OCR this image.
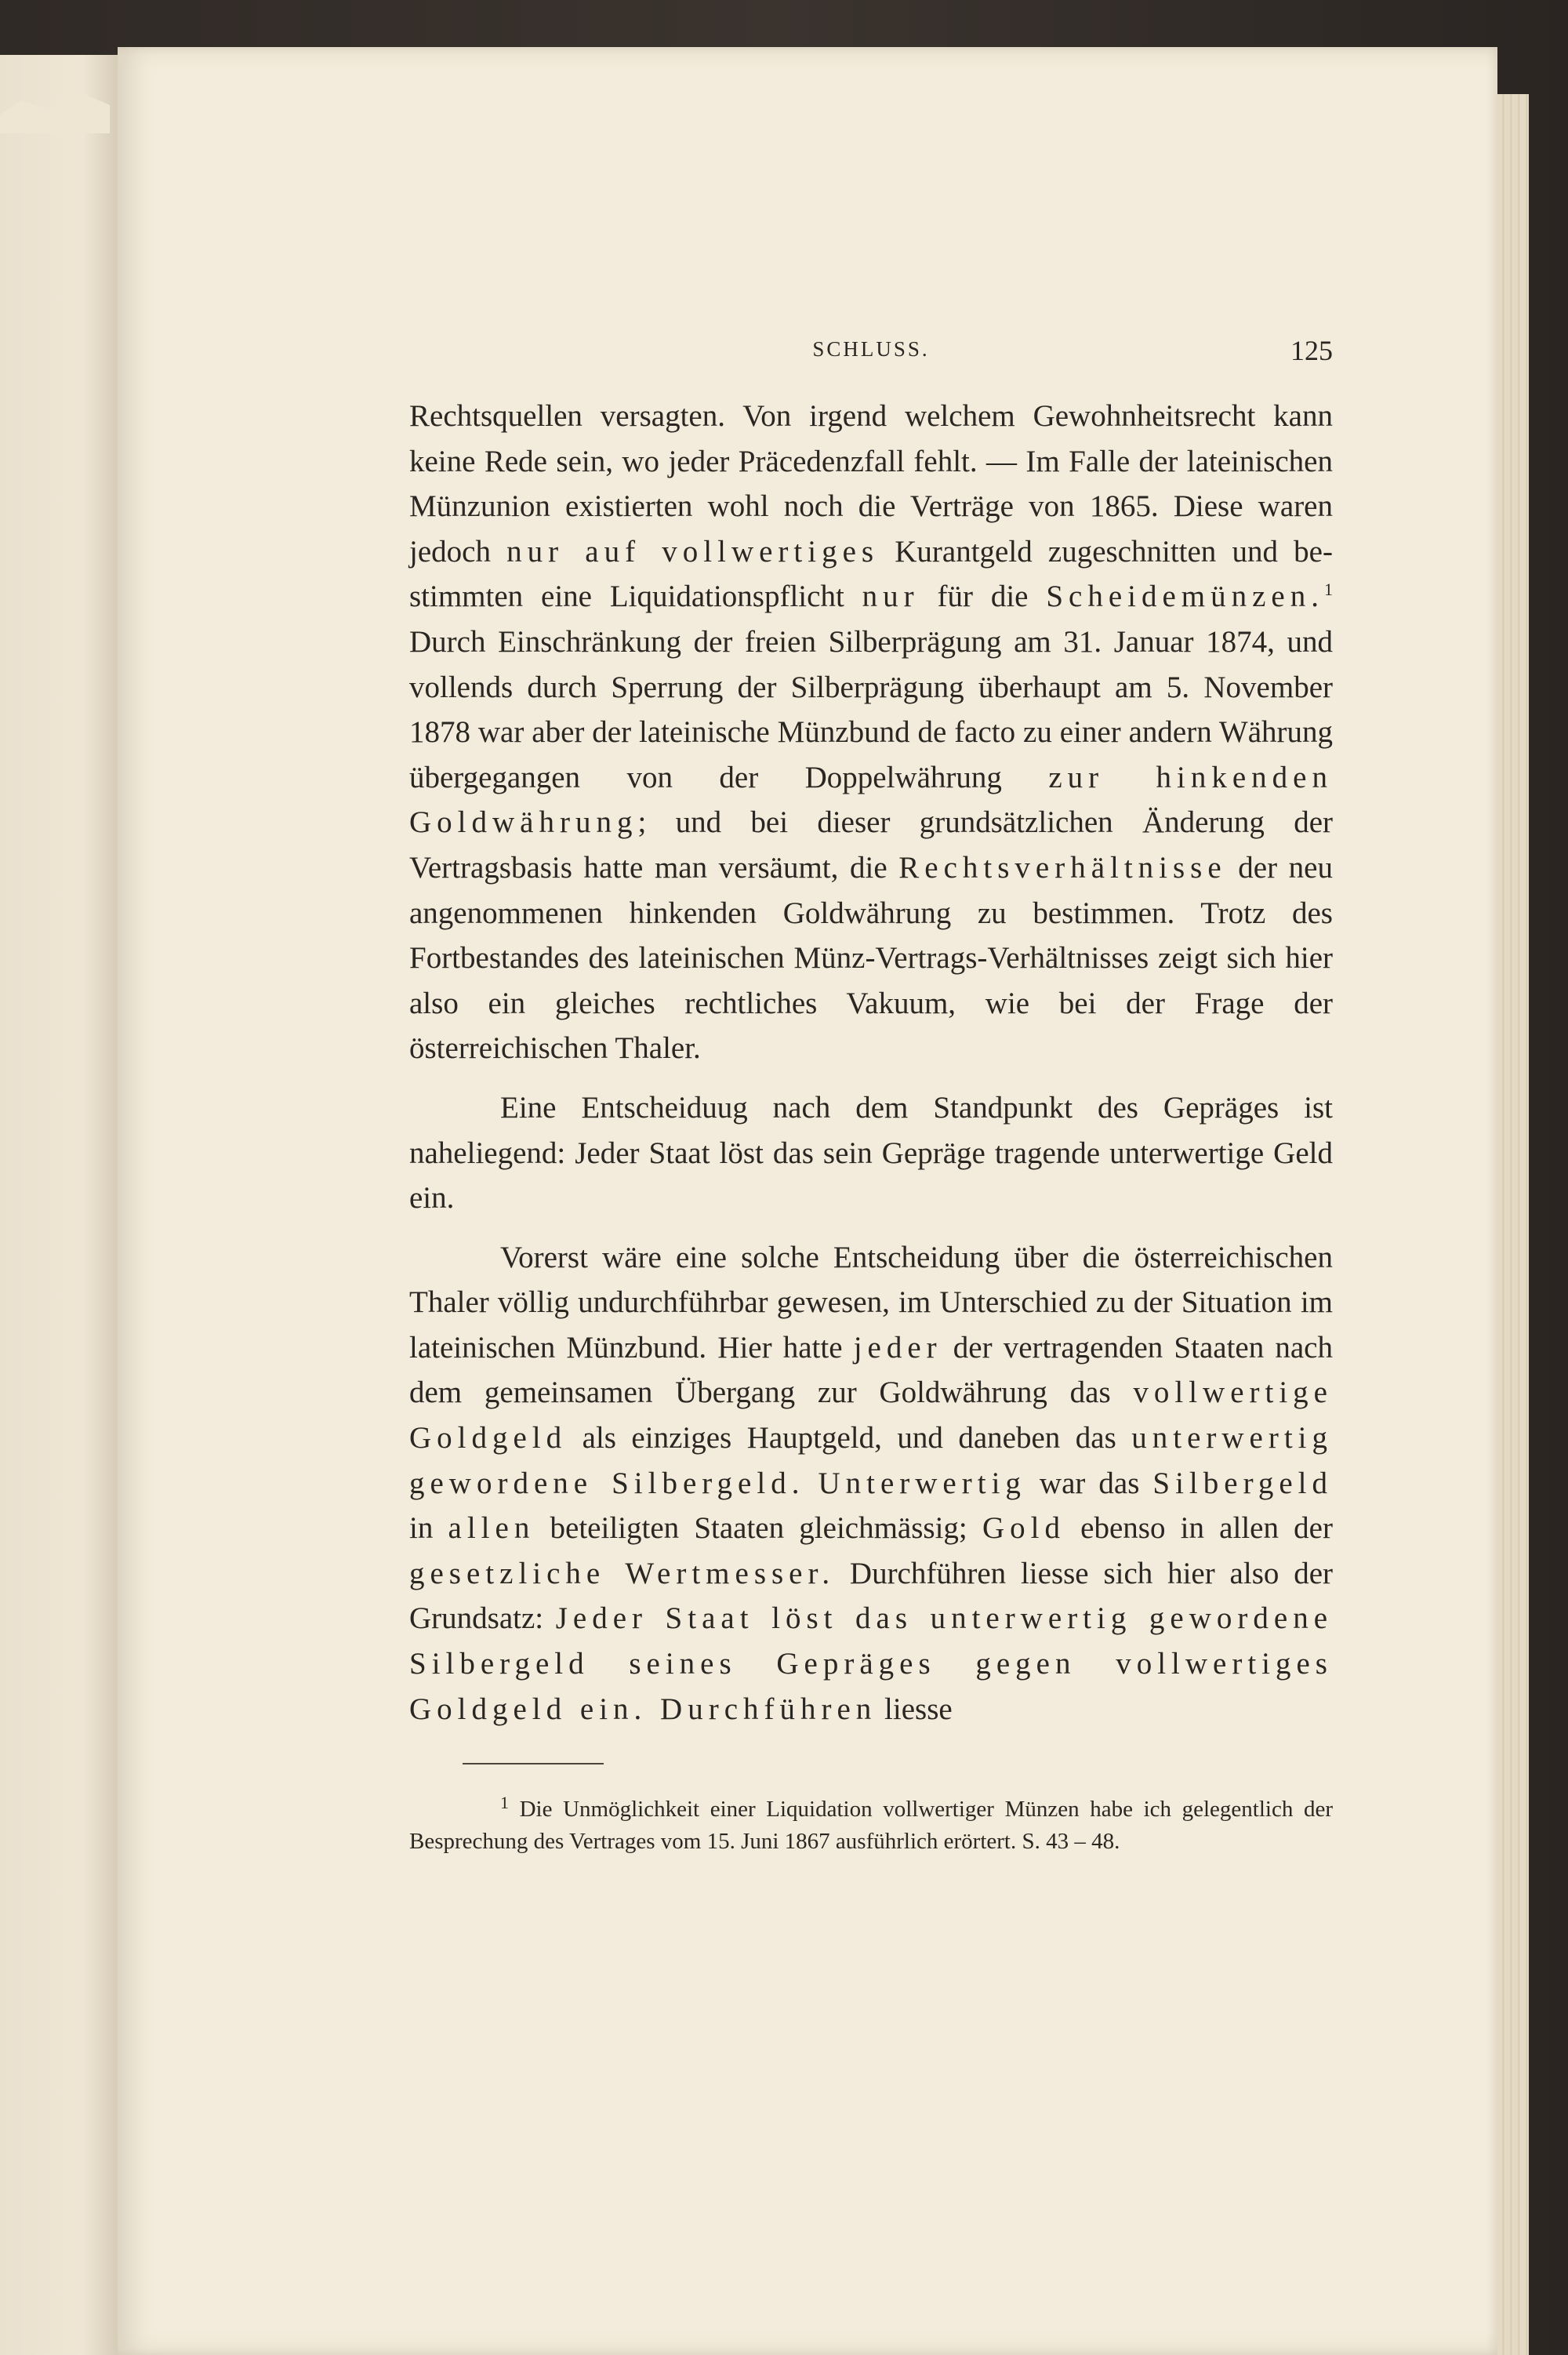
SCHLUSS.	125

Rechtsquellen versagten. Von irgend welchem Gewohnheitsrecht kann keine Rede sein, wo jeder Präcedenzfall fehlt. — Im Falle der lateinischen Münzunion existierten wohl noch die Verträge von 1865. Diese waren jedoch nur auf vollwertiges Kurantgeld zugeschnitten und bestimmten eine Liquidationspflicht nur für die Scheidemünzen.$^1$ Durch Einschränkung der freien Silberprägung am 31. Januar 1874, und vollends durch Sperrung der Silberprägung überhaupt am 5. November 1878 war aber der lateinische Münzbund de facto zu einer andern Währung übergegangen von der Doppelwährung zur hinkenden Goldwährung; und bei dieser grundsätzlichen Änderung der Vertragsbasis hatte man versäumt, die Rechtsverhältnisse der neu angenommenen hinkenden Goldwährung zu bestimmen. Trotz des Fortbestandes des lateinischen Münz-Vertrags-Verhältnisses zeigt sich hier also ein gleiches rechtliches Vakuum, wie bei der Frage der österreichischen Thaler.

Eine Entscheiduug nach dem Standpunkt des Gepräges ist naheliegend: Jeder Staat löst das sein Gepräge tragende unterwertige Geld ein.

Vorerst wäre eine solche Entscheidung über die österreichischen Thaler völlig undurchführbar gewesen, im Unterschied zu der Situation im lateinischen Münzbund. Hier hatte jeder der vertragenden Staaten nach dem gemeinsamen Übergang zur Goldwährung das vollwertige Goldgeld als einziges Hauptgeld, und daneben das unterwertig gewordene Silbergeld. Unterwertig war das Silbergeld in allen beteiligten Staaten gleichmässig; Gold ebenso in allen der gesetzliche Wertmesser. Durchführen liesse sich hier also der Grundsatz: Jeder Staat löst das unterwertig gewordene Silbergeld seines Gepräges gegen vollwertiges Goldgeld ein. Durchführen liesse

$^1$ Die Unmöglichkeit einer Liquidation vollwertiger Münzen habe ich gelegentlich der Besprechung des Vertrages vom 15. Juni 1867 ausführlich erörtert. S. 43 – 48.
